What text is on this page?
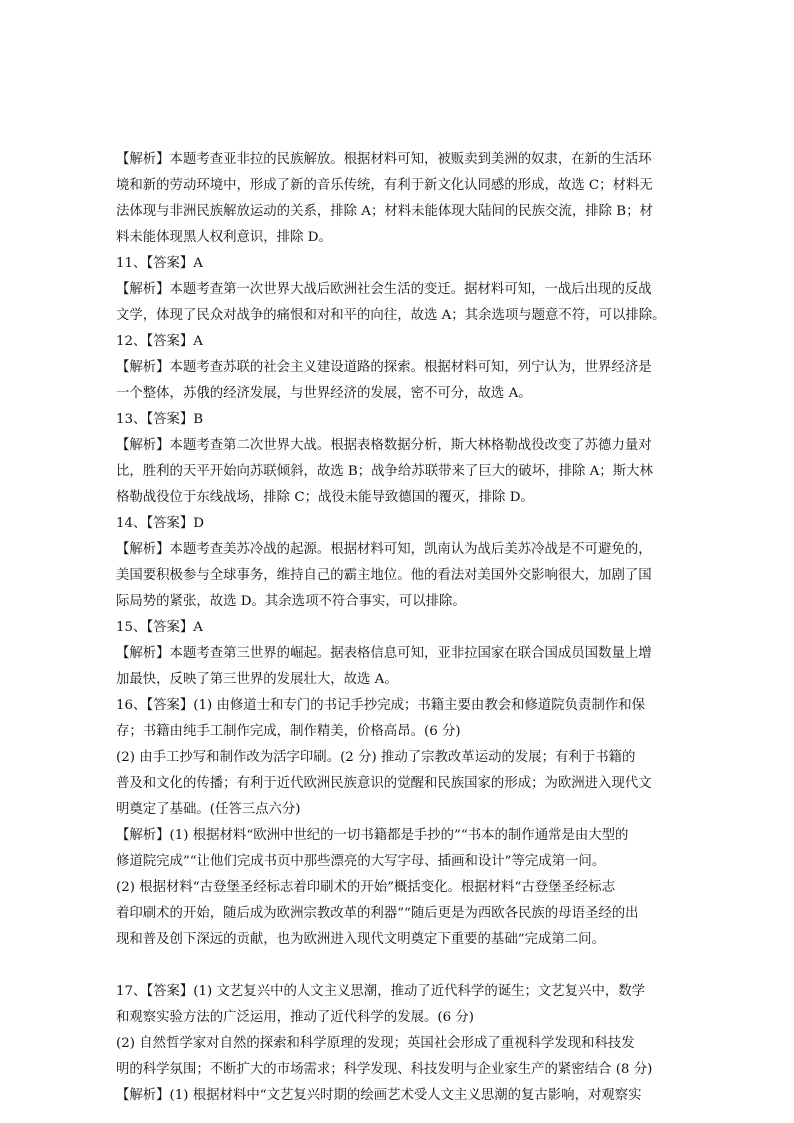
【解析】本题考查亚非拉的民族解放。根据材料可知，被贩卖到美洲的奴隶，在新的生活环
境和新的劳动环境中，形成了新的音乐传统，有利于新文化认同感的形成，故选 C；材料无
法体现与非洲民族解放运动的关系，排除 A；材料未能体现大陆间的民族交流，排除 B；材
料未能体现黑人权利意识，排除 D。
11、【答案】A
【解析】本题考查第一次世界大战后欧洲社会生活的变迁。据材料可知，一战后出现的反战
文学，体现了民众对战争的痛恨和对和平的向往，故选 A；其余选项与题意不符，可以排除。
12、【答案】A
【解析】本题考查苏联的社会主义建设道路的探索。根据材料可知，列宁认为，世界经济是
一个整体，苏俄的经济发展，与世界经济的发展，密不可分，故选 A。
13、【答案】B
【解析】本题考查第二次世界大战。根据表格数据分析，斯大林格勒战役改变了苏德力量对
比，胜利的天平开始向苏联倾斜，故选 B；战争给苏联带来了巨大的破坏，排除 A；斯大林
格勒战役位于东线战场，排除 C；战役未能导致德国的覆灭，排除 D。
14、【答案】D
【解析】本题考查美苏冷战的起源。根据材料可知，凯南认为战后美苏冷战是不可避免的，
美国要积极参与全球事务，维持自己的霸主地位。他的看法对美国外交影响很大，加剧了国
际局势的紧张，故选 D。其余选项不符合事实，可以排除。
15、【答案】A
【解析】本题考查第三世界的崛起。据表格信息可知，亚非拉国家在联合国成员国数量上增
加最快，反映了第三世界的发展壮大，故选 A。
16、【答案】(1) 由修道士和专门的书记手抄完成；书籍主要由教会和修道院负责制作和保
存；书籍由纯手工制作完成，制作精美，价格高昂。(6 分)
(2) 由手工抄写和制作改为活字印刷。(2 分) 推动了宗教改革运动的发展；有利于书籍的
普及和文化的传播；有利于近代欧洲民族意识的觉醒和民族国家的形成；为欧洲进入现代文
明奠定了基础。(任答三点六分)
【解析】(1) 根据材料“欧洲中世纪的一切书籍都是手抄的”“书本的制作通常是由大型的
修道院完成”“让他们完成书页中那些漂亮的大写字母、插画和设计”等完成第一问。
(2) 根据材料“古登堡圣经标志着印刷术的开始”概括变化。根据材料“古登堡圣经标志
着印刷术的开始，随后成为欧洲宗教改革的利器”“随后更是为西欧各民族的母语圣经的出
现和普及创下深远的贡献，也为欧洲进入现代文明奠定下重要的基础”完成第二问。
17、【答案】(1) 文艺复兴中的人文主义思潮，推动了近代科学的诞生；文艺复兴中，数学
和观察实验方法的广泛运用，推动了近代科学的发展。(6 分)
(2) 自然哲学家对自然的探索和科学原理的发现；英国社会形成了重视科学发现和科技发
明的科学氛围；不断扩大的市场需求；科学发现、科技发明与企业家生产的紧密结合 (8 分)
【解析】(1) 根据材料中“文艺复兴时期的绘画艺术受人文主义思潮的复古影响，对观察实
